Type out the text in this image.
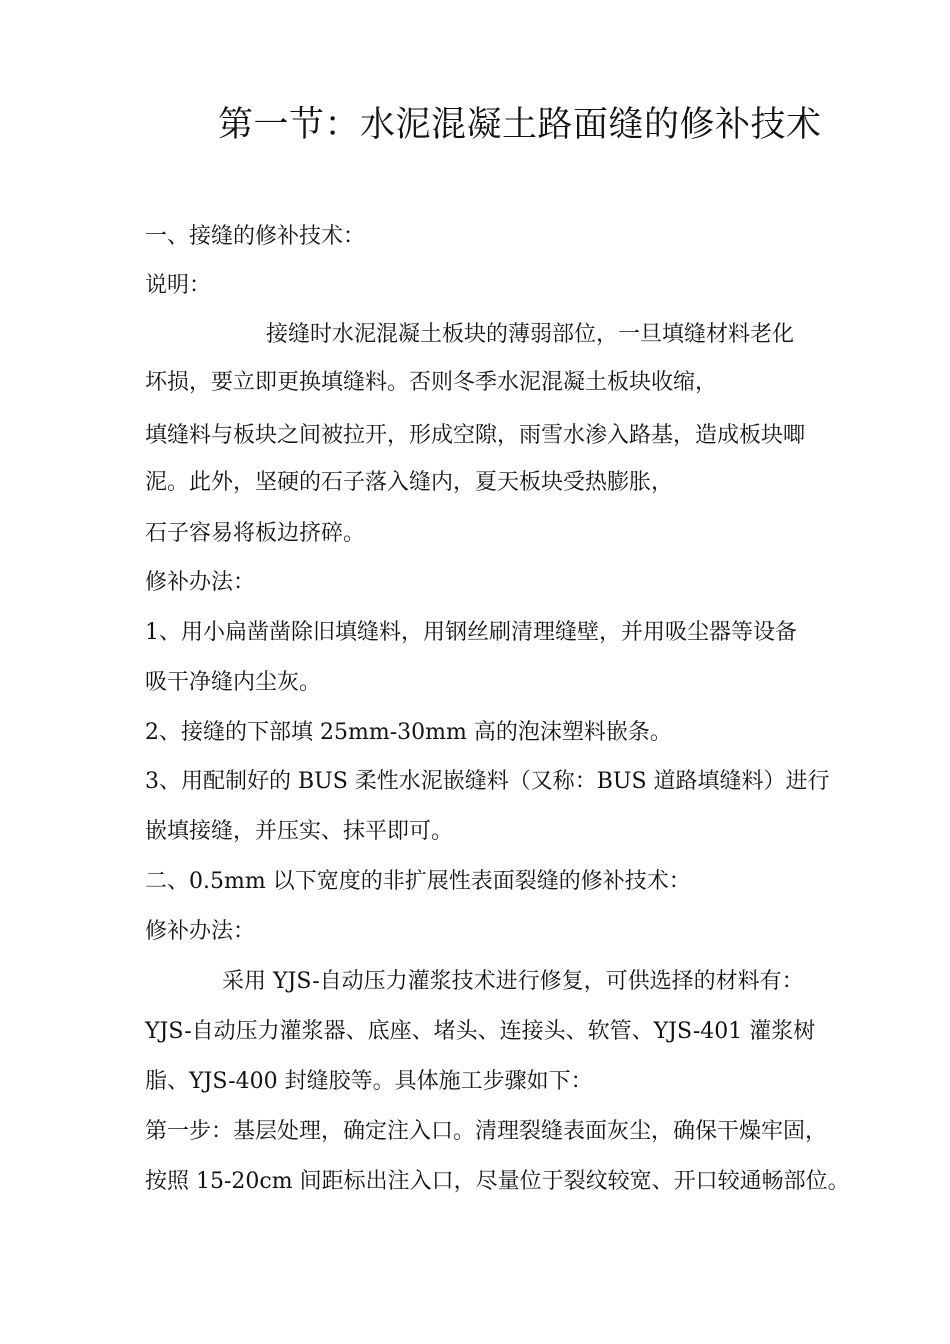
第一节：水泥混凝土路面缝的修补技术
一、接缝的修补技术：
说明：
接缝时水泥混凝土板块的薄弱部位，一旦填缝材料老化
坏损，要立即更换填缝料。否则冬季水泥混凝土板块收缩，
填缝料与板块之间被拉开，形成空隙，雨雪水渗入路基，造成板块唧
泥。此外，坚硬的石子落入缝内，夏天板块受热膨胀，
石子容易将板边挤碎。
修补办法：
1、用小扁凿凿除旧填缝料，用钢丝刷清理缝壁，并用吸尘器等设备
吸干净缝内尘灰。
2、接缝的下部填 25mm-30mm 高的泡沫塑料嵌条。
3、用配制好的 BUS 柔性水泥嵌缝料（又称：BUS 道路填缝料）进行
嵌填接缝，并压实、抹平即可。
二、0.5mm 以下宽度的非扩展性表面裂缝的修补技术：
修补办法：
采用 YJS-自动压力灌浆技术进行修复，可供选择的材料有：
YJS-自动压力灌浆器、底座、堵头、连接头、软管、YJS-401 灌浆树
脂、YJS-400 封缝胶等。具体施工步骤如下：
第一步：基层处理，确定注入口。清理裂缝表面灰尘，确保干燥牢固，
按照 15-20cm 间距标出注入口，尽量位于裂纹较宽、开口较通畅部位。
